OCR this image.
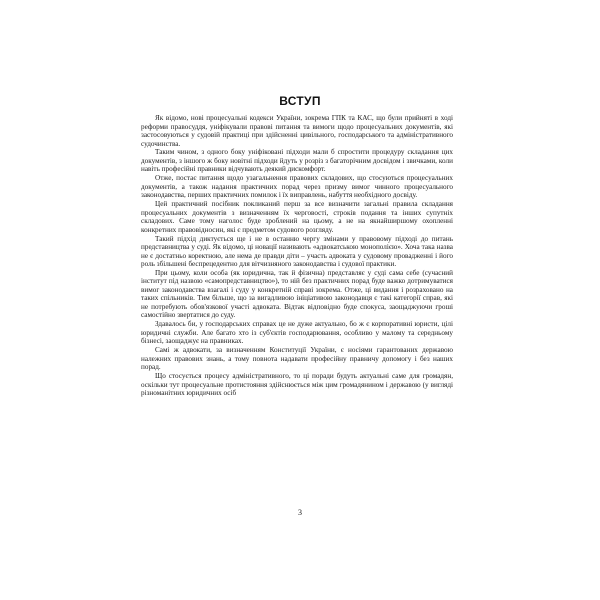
ВСТУП

Як відомо, нові процесуальні кодекси України, зокрема ГПК та КАС, що були прийняті в ході реформи правосуддя, уніфікували правові питання та вимоги щодо процесуальних документів, які застосовуються у судовій практиці при здійсненні цивільного, господарського та адміністративного судочинства.

Таким чином, з одного боку уніфіковані підходи мали б спростити процедуру складання цих документів, з іншого ж боку новітні підходи йдуть у розріз з багаторічним досвідом і звичками, коли навіть професійні правники відчувають деякий дискомфорт.

Отже, постає питання щодо узагальнення правових складових, що стосуються процесуальних документів, а також надання практичних порад через призму вимог чинного процесуального законодавства, перших практичних помилок і їх виправлень, набуття необхідного досвіду.

Цей практичний посібник покликаний перш за все визначити загальні правила складання процесуальних документів з визначенням їх черговості, строків подання та інших супутніх складових. Саме тому наголос буде зроблений на цьому, а не на якнайширшому охопленні конкретних правовідносин, які є предметом судового розгляду.

Такий підхід диктується ще і не в останню чергу змінами у правовому підході до питань представництва у суді. Як відомо, ці новації називають «адвокатською монополією». Хоча така назва не є достатньо коректною, але нема де правди діти – участь адвоката у судовому провадженні і його роль збільшені беспрецедентно для вітчизняного законодавства і судової практики.

При цьому, коли особа (як юридична, так й фізична) представляє у суді сама себе (сучасний інститут під назвою «самопредставництво»), то ній без практичних порад буде важко дотримуватися вимог законодавства взагалі і суду у конкретній справі зокрема. Отже, ці видання і розраховано на таких спільників. Тим більше, що за вигадливою ініціативою законодавця є такі категорії справ, які не потребують обов'язкової участі адвоката. Відтак відповідно буде спокуса, заощаджуючи гроші самостійно звертатися до суду.

Здавалось би, у господарських справах це не дуже актуально, бо ж є корпоративні юристи, цілі юридичні служби. Але багато хто із суб'єктів господарювання, особливо у малому та середньому бізнесі, заощаджує на правниках.

Самі ж адвокати, за визначенням Конституції України, є носіями гарантованих державою належних правових знань, а тому повнота надавати професійну правничу допомогу і без наших порад.

Що стосується процесу адміністративного, то ці поради будуть актуальні саме для громадян, оскільки тут процесуальне протистояння здійснюється між цим громадянином і державою (у вигляді різноманітних юридичних осіб

3
